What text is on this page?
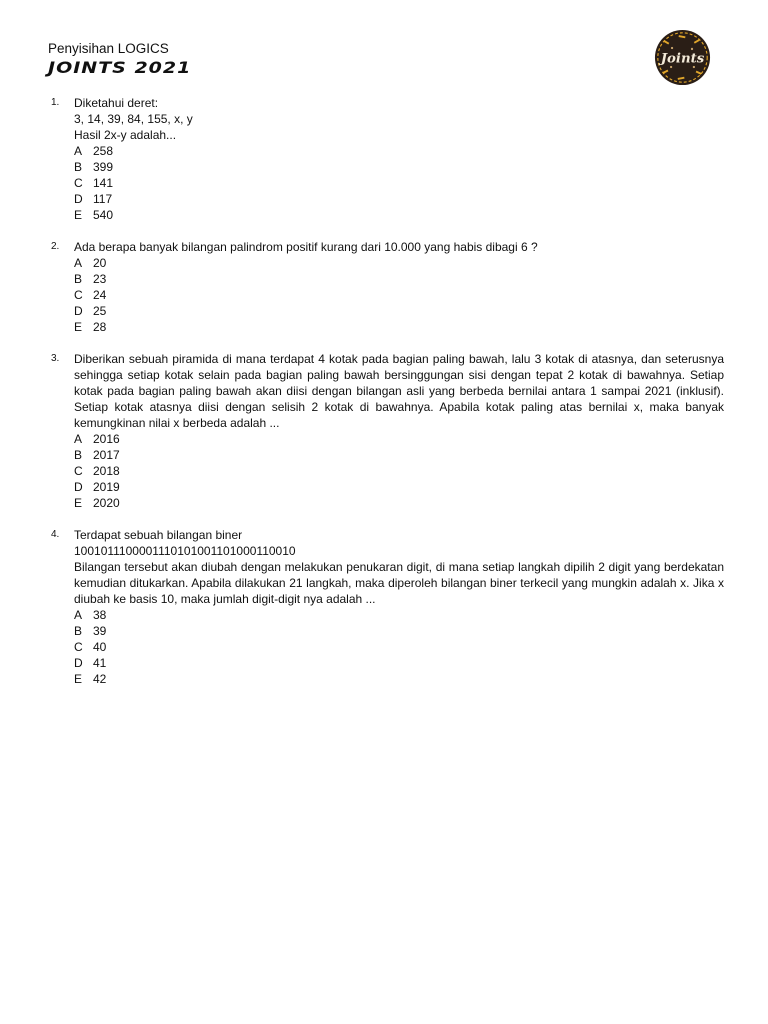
Penyisihan LOGICS
JOINTS 2021
Joints
1. Diketahui deret:
3, 14, 39, 84, 155, x, y
Hasil 2x-y adalah...
A 258
B 399
C 141
D 117
E 540
2. Ada berapa banyak bilangan palindrom positif kurang dari 10.000 yang habis dibagi 6 ?
A 20
B 23
C 24
D 25
E 28
3. Diberikan sebuah piramida di mana terdapat 4 kotak pada bagian paling bawah, lalu 3 kotak di atasnya, dan seterusnya sehingga setiap kotak selain pada bagian paling bawah bersinggungan sisi dengan tepat 2 kotak di bawahnya. Setiap kotak pada bagian paling bawah akan diisi dengan bilangan asli yang berbeda bernilai antara 1 sampai 2021 (inklusif). Setiap kotak atasnya diisi dengan selisih 2 kotak di bawahnya. Apabila kotak paling atas bernilai x, maka banyak kemungkinan nilai x berbeda adalah ...
A 2016
B 2017
C 2018
D 2019
E 2020
4. Terdapat sebuah bilangan biner
1001011100001110101001101000110010
Bilangan tersebut akan diubah dengan melakukan penukaran digit, di mana setiap langkah dipilih 2 digit yang berdekatan kemudian ditukarkan. Apabila dilakukan 21 langkah, maka diperoleh bilangan biner terkecil yang mungkin adalah x. Jika x diubah ke basis 10, maka jumlah digit-digit nya adalah ...
A 38
B 39
C 40
D 41
E 42
